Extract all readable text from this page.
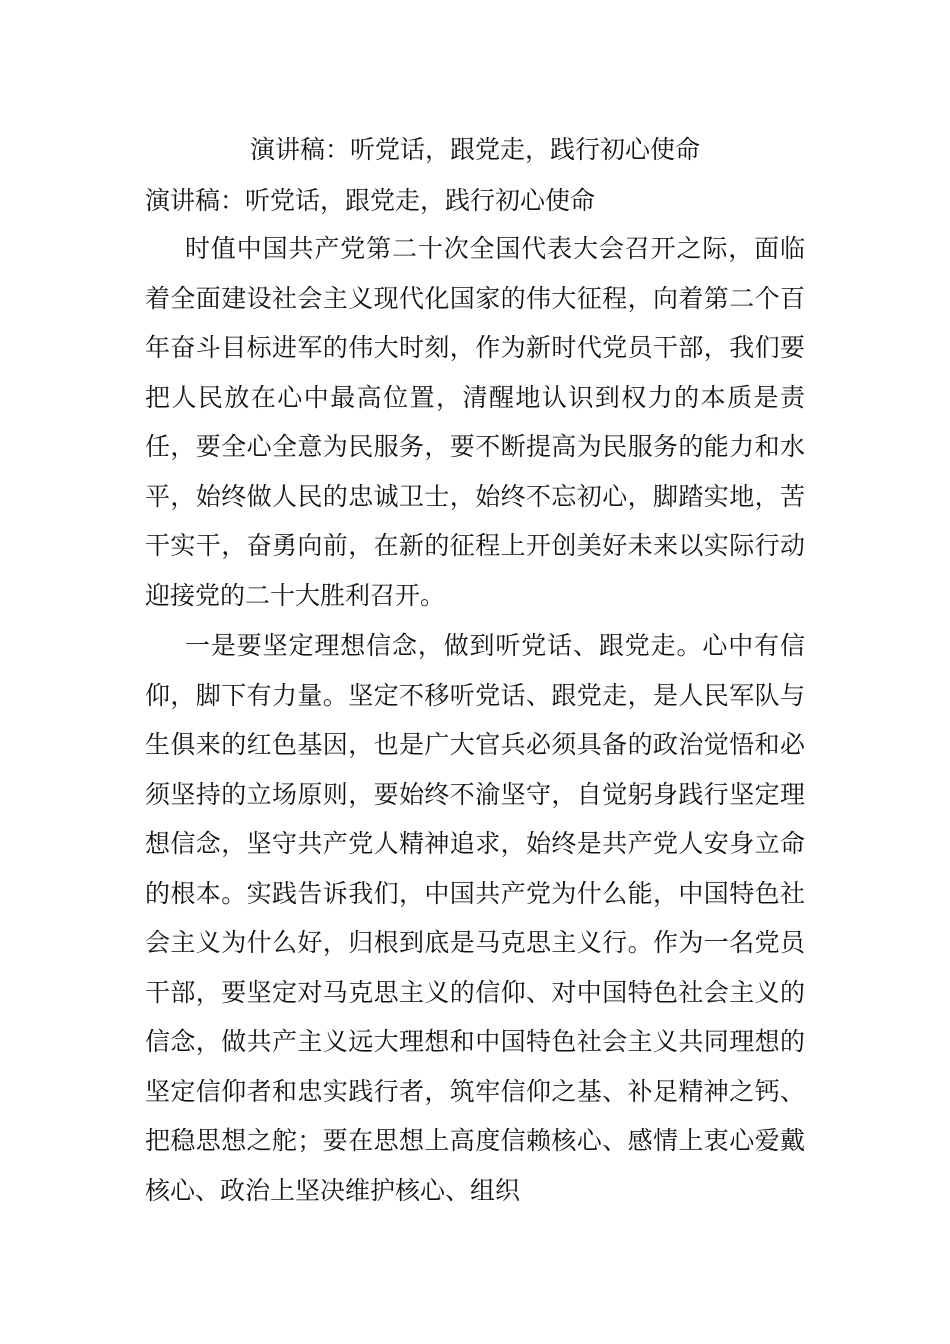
演讲稿：听党话，跟党走，践行初心使命
演讲稿：听党话，跟党走，践行初心使命

时值中国共产党第二十次全国代表大会召开之际，面临着全面建设社会主义现代化国家的伟大征程，向着第二个百年奋斗目标进军的伟大时刻，作为新时代党员干部，我们要把人民放在心中最高位置，清醒地认识到权力的本质是责任，要全心全意为民服务，要不断提高为民服务的能力和水平，始终做人民的忠诚卫士，始终不忘初心，脚踏实地，苦干实干，奋勇向前，在新的征程上开创美好未来以实际行动迎接党的二十大胜利召开。

一是要坚定理想信念，做到听党话、跟党走。心中有信仰，脚下有力量。坚定不移听党话、跟党走，是人民军队与生俱来的红色基因，也是广大官兵必须具备的政治觉悟和必须坚持的立场原则，要始终不渝坚守，自觉躬身践行坚定理想信念，坚守共产党人精神追求，始终是共产党人安身立命的根本。实践告诉我们，中国共产党为什么能，中国特色社会主义为什么好，归根到底是马克思主义行。作为一名党员干部，要坚定对马克思主义的信仰、对中国特色社会主义的信念，做共产主义远大理想和中国特色社会主义共同理想的坚定信仰者和忠实践行者，筑牢信仰之基、补足精神之钙、把稳思想之舵；要在思想上高度信赖核心、感情上衷心爱戴核心、政治上坚决维护核心、组织
